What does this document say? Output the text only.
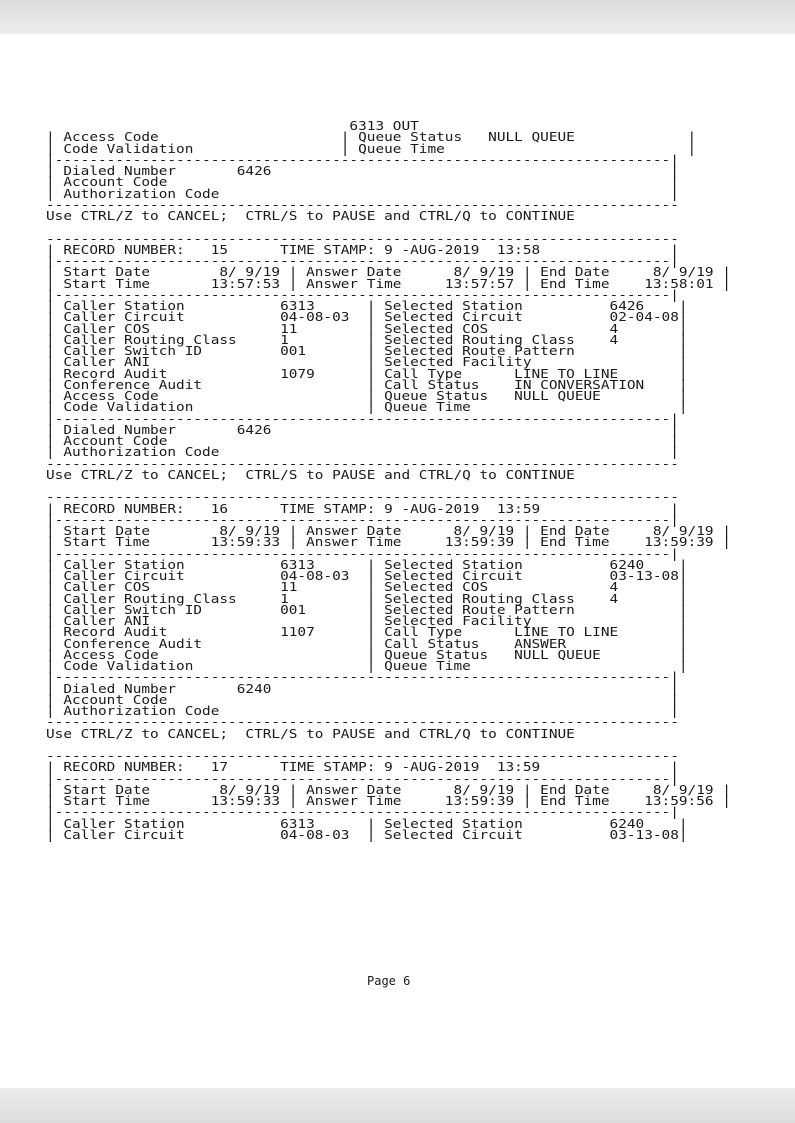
6313 OUT
| Access Code                     | Queue Status   NULL QUEUE             |
| Code Validation                 | Queue Time                            |
|-----------------------------------------------------------------------|
| Dialed Number       6426                                              |
| Account Code                                                          |
| Authorization Code                                                    |
-------------------------------------------------------------------------
Use CTRL/Z to CANCEL;  CTRL/S to PAUSE and CTRL/Q to CONTINUE

-------------------------------------------------------------------------
| RECORD NUMBER:   15      TIME STAMP: 9 -AUG-2019  13:58               |
|-----------------------------------------------------------------------|
| Start Date        8/ 9/19 | Answer Date      8/ 9/19 | End Date     8/ 9/19 |
| Start Time       13:57:53 | Answer Time     13:57:57 | End Time    13:58:01 |
|-----------------------------------------------------------------------|
| Caller Station           6313      | Selected Station          6426    |
| Caller Circuit           04-08-03  | Selected Circuit          02-04-08|
| Caller COS               11        | Selected COS              4       |
| Caller Routing Class     1         | Selected Routing Class    4       |
| Caller Switch ID         001       | Selected Route Pattern            |
| Caller ANI                         | Selected Facility                 |
| Record Audit             1079      | Call Type      LINE TO LINE       |
| Conference Audit                   | Call Status    IN CONVERSATION    |
| Access Code                        | Queue Status   NULL QUEUE         |
| Code Validation                    | Queue Time                        |
|-----------------------------------------------------------------------|
| Dialed Number       6426                                              |
| Account Code                                                          |
| Authorization Code                                                    |
-------------------------------------------------------------------------
Use CTRL/Z to CANCEL;  CTRL/S to PAUSE and CTRL/Q to CONTINUE

-------------------------------------------------------------------------
| RECORD NUMBER:   16      TIME STAMP: 9 -AUG-2019  13:59               |
|-----------------------------------------------------------------------|
| Start Date        8/ 9/19 | Answer Date      8/ 9/19 | End Date     8/ 9/19 |
| Start Time       13:59:33 | Answer Time     13:59:39 | End Time    13:59:39 |
|-----------------------------------------------------------------------|
| Caller Station           6313      | Selected Station          6240    |
| Caller Circuit           04-08-03  | Selected Circuit          03-13-08|
| Caller COS               11        | Selected COS              4       |
| Caller Routing Class     1         | Selected Routing Class    4       |
| Caller Switch ID         001       | Selected Route Pattern            |
| Caller ANI                         | Selected Facility                 |
| Record Audit             1107      | Call Type      LINE TO LINE       |
| Conference Audit                   | Call Status    ANSWER             |
| Access Code                        | Queue Status   NULL QUEUE         |
| Code Validation                    | Queue Time                        |
|-----------------------------------------------------------------------|
| Dialed Number       6240                                              |
| Account Code                                                          |
| Authorization Code                                                    |
-------------------------------------------------------------------------
Use CTRL/Z to CANCEL;  CTRL/S to PAUSE and CTRL/Q to CONTINUE

-------------------------------------------------------------------------
| RECORD NUMBER:   17      TIME STAMP: 9 -AUG-2019  13:59               |
|-----------------------------------------------------------------------|
| Start Date        8/ 9/19 | Answer Date      8/ 9/19 | End Date     8/ 9/19 |
| Start Time       13:59:33 | Answer Time     13:59:39 | End Time    13:59:56 |
|-----------------------------------------------------------------------|
| Caller Station           6313      | Selected Station          6240    |
| Caller Circuit           04-08-03  | Selected Circuit          03-13-08|

Page 6
